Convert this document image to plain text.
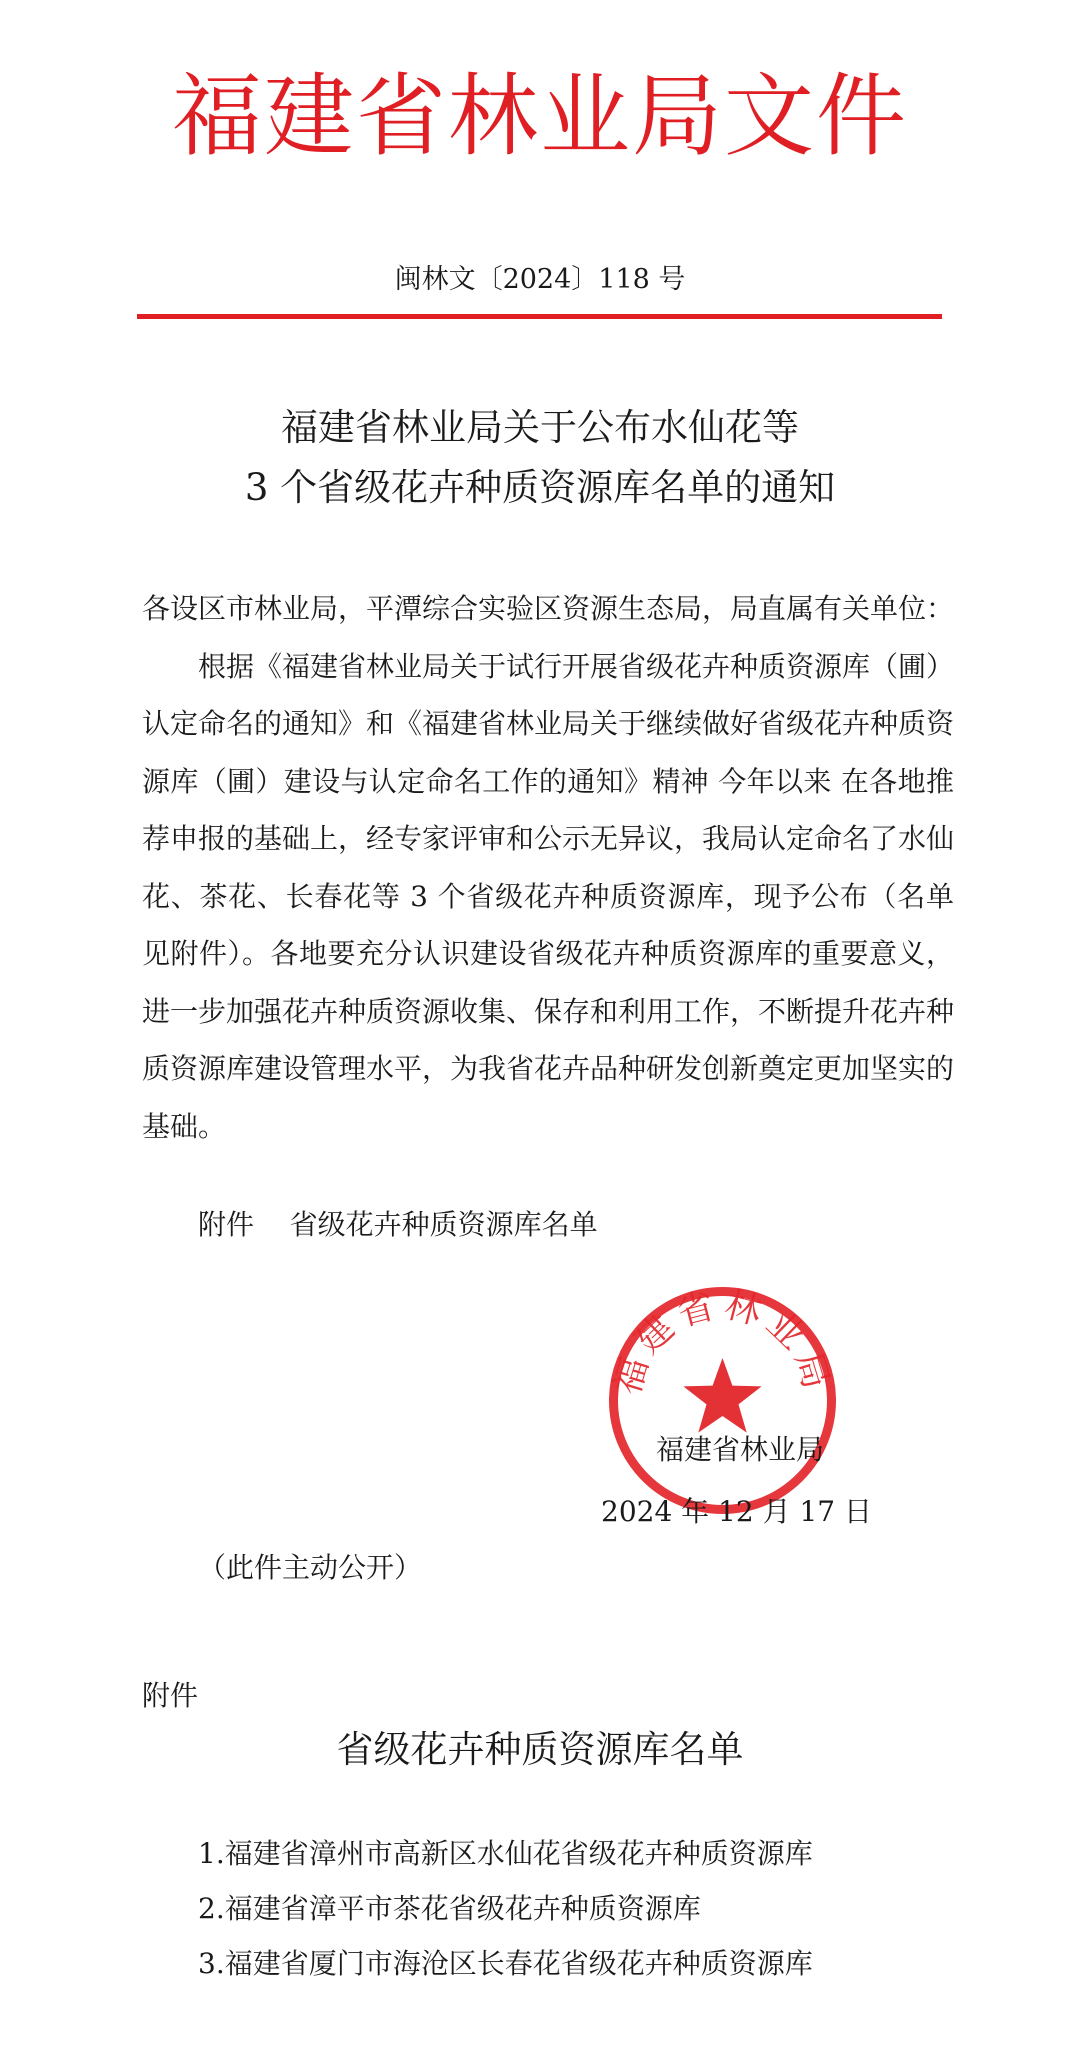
福建省林业局文件
闽林文〔2024〕118 号
福建省林业局关于公布水仙花等
3 个省级花卉种质资源库名单的通知

各设区市林业局，平潭综合实验区资源生态局，局直属有关单位：

根据《福建省林业局关于试行开展省级花卉种质资源库（圃）认定命名的通知》和《福建省林业局关于继续做好省级花卉种质资源库（圃）建设与认定命名工作的通知》精神 今年以来 在各地推荐申报的基础上，经专家评审和公示无异议，我局认定命名了水仙花、茶花、长春花等 3 个省级花卉种质资源库，现予公布（名单见附件）。各地要充分认识建设省级花卉种质资源库的重要意义，进一步加强花卉种质资源收集、保存和利用工作，不断提升花卉种质资源库建设管理水平，为我省花卉品种研发创新奠定更加坚实的基础。

附件 省级花卉种质资源库名单
福建省林业局
福建省林业局
2024 年 12 月 17 日
（此件主动公开）
附件
省级花卉种质资源库名单
1.福建省漳州市高新区水仙花省级花卉种质资源库
2.福建省漳平市茶花省级花卉种质资源库
3.福建省厦门市海沧区长春花省级花卉种质资源库
